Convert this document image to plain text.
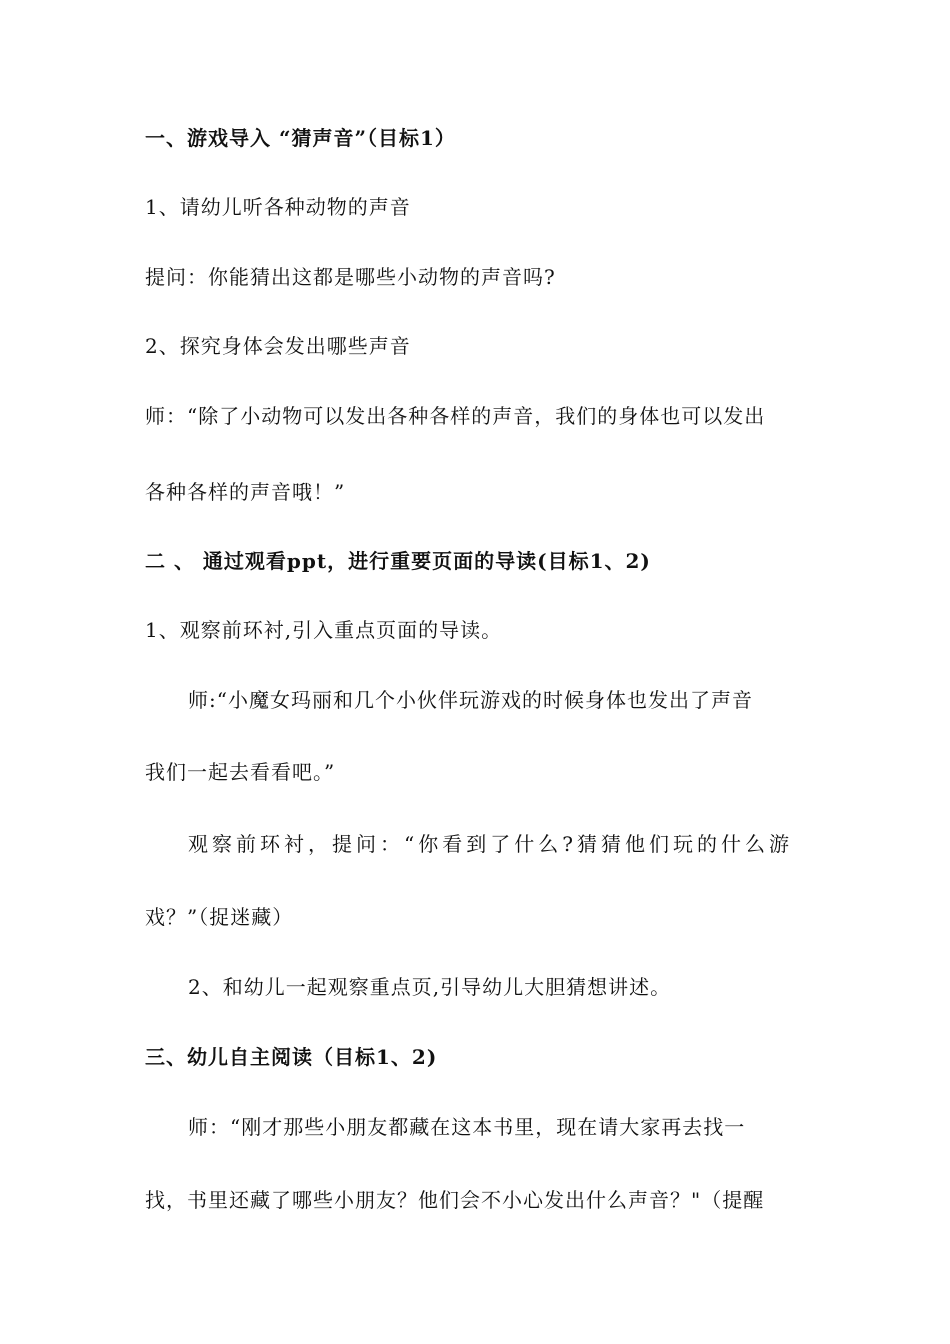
一、游戏导入 “猜声音”（目标1）
1、请幼儿听各种动物的声音
提问：你能猜出这都是哪些小动物的声音吗?
2、探究身体会发出哪些声音
师：“除了小动物可以发出各种各样的声音，我们的身体也可以发出
各种各样的声音哦！”
二 、 通过观看ppt，进行重要页面的导读(目标1、2)
1、观察前环衬,引入重点页面的导读。
师:“小魔女玛丽和几个小伙伴玩游戏的时候身体也发出了声音
我们一起去看看吧。”
观察前环衬，提问：“你看到了什么?猜猜他们玩的什么游
戏？”（捉迷藏）
2、和幼儿一起观察重点页,引导幼儿大胆猜想讲述。
三、幼儿自主阅读（目标1、2)
师：“刚才那些小朋友都藏在这本书里，现在请大家再去找一
找，书里还藏了哪些小朋友？他们会不小心发出什么声音？"（提醒
